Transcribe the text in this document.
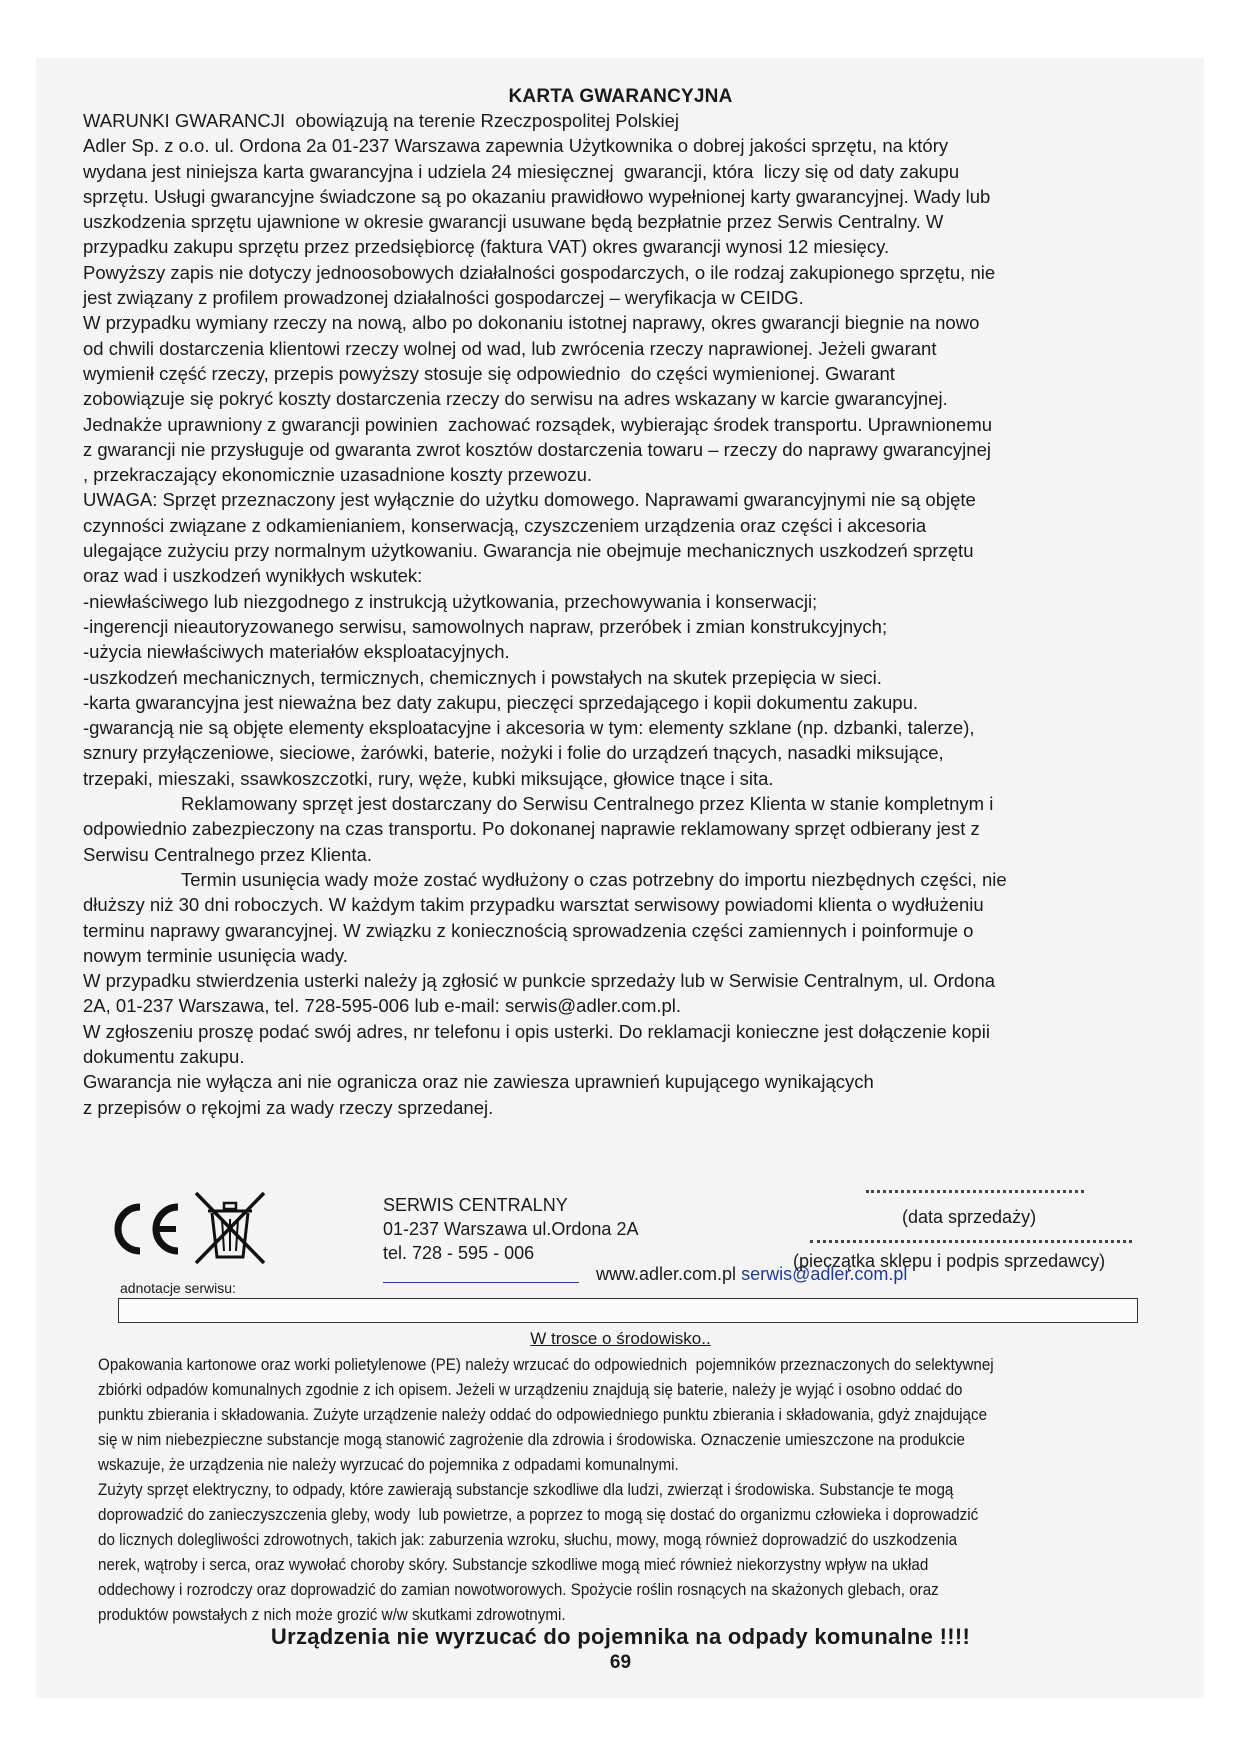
KARTA GWARANCYJNA

WARUNKI GWARANCJI  obowiązują na terenie Rzeczpospolitej Polskiej

Adler Sp. z o.o. ul. Ordona 2a 01-237 Warszawa zapewnia Użytkownika o dobrej jakości sprzętu, na który
wydana jest niniejsza karta gwarancyjna i udziela 24 miesięcznej  gwarancji, która  liczy się od daty zakupu
sprzętu. Usługi gwarancyjne świadczone są po okazaniu prawidłowo wypełnionej karty gwarancyjnej. Wady lub
uszkodzenia sprzętu ujawnione w okresie gwarancji usuwane będą bezpłatnie przez Serwis Centralny. W
przypadku zakupu sprzętu przez przedsiębiorcę (faktura VAT) okres gwarancji wynosi 12 miesięcy.

Powyższy zapis nie dotyczy jednoosobowych działalności gospodarczych, o ile rodzaj zakupionego sprzętu, nie
jest związany z profilem prowadzonej działalności gospodarczej – weryfikacja w CEIDG.

W przypadku wymiany rzeczy na nową, albo po dokonaniu istotnej naprawy, okres gwarancji biegnie na nowo
od chwili dostarczenia klientowi rzeczy wolnej od wad, lub zwrócenia rzeczy naprawionej. Jeżeli gwarant
wymienił część rzeczy, przepis powyższy stosuje się odpowiednio  do części wymienionej. Gwarant
zobowiązuje się pokryć koszty dostarczenia rzeczy do serwisu na adres wskazany w karcie gwarancyjnej.
Jednakże uprawniony z gwarancji powinien  zachować rozsądek, wybierając środek transportu. Uprawnionemu
z gwarancji nie przysługuje od gwaranta zwrot kosztów dostarczenia towaru – rzeczy do naprawy gwarancyjnej
, przekraczający ekonomicznie uzasadnione koszty przewozu.

UWAGA: Sprzęt przeznaczony jest wyłącznie do użytku domowego. Naprawami gwarancyjnymi nie są objęte
czynności związane z odkamienianiem, konserwacją, czyszczeniem urządzenia oraz części i akcesoria
ulegające zużyciu przy normalnym użytkowaniu. Gwarancja nie obejmuje mechanicznych uszkodzeń sprzętu
oraz wad i uszkodzeń wynikłych wskutek:

-niewłaściwego lub niezgodnego z instrukcją użytkowania, przechowywania i konserwacji;

-ingerencji nieautoryzowanego serwisu, samowolnych napraw, przeróbek i zmian konstrukcyjnych;

-użycia niewłaściwych materiałów eksploatacyjnych.

-uszkodzeń mechanicznych, termicznych, chemicznych i powstałych na skutek przepięcia w sieci.

-karta gwarancyjna jest nieważna bez daty zakupu, pieczęci sprzedającego i kopii dokumentu zakupu.

-gwarancją nie są objęte elementy eksploatacyjne i akcesoria w tym: elementy szklane (np. dzbanki, talerze),
sznury przyłączeniowe, sieciowe, żarówki, baterie, nożyki i folie do urządzeń tnących, nasadki miksujące,
trzepaki, mieszaki, ssawkoszczotki, rury, węże, kubki miksujące, głowice tnące i sita.

Reklamowany sprzęt jest dostarczany do Serwisu Centralnego przez Klienta w stanie kompletnym i
odpowiednio zabezpieczony na czas transportu. Po dokonanej naprawie reklamowany sprzęt odbierany jest z
Serwisu Centralnego przez Klienta.

Termin usunięcia wady może zostać wydłużony o czas potrzebny do importu niezbędnych części, nie
dłuższy niż 30 dni roboczych. W każdym takim przypadku warsztat serwisowy powiadomi klienta o wydłużeniu
terminu naprawy gwarancyjnej. W związku z koniecznością sprowadzenia części zamiennych i poinformuje o
nowym terminie usunięcia wady.

W przypadku stwierdzenia usterki należy ją zgłosić w punkcie sprzedaży lub w Serwisie Centralnym, ul. Ordona
2A, 01-237 Warszawa, tel. 728-595-006 lub e-mail: serwis@adler.com.pl.

W zgłoszeniu proszę podać swój adres, nr telefonu i opis usterki. Do reklamacji konieczne jest dołączenie kopii
dokumentu zakupu.

Gwarancja nie wyłącza ani nie ogranicza oraz nie zawiesza uprawnień kupującego wynikających
z przepisów o rękojmi za wady rzeczy sprzedanej.

SERWIS CENTRALNY
01-237 Warszawa ul.Ordona 2A
tel. 728 - 595 - 006
(data sprzedaży)
www.adler.com.pl serwis@adler.com.pl
(pieczątka sklepu i podpis sprzedawcy)
adnotacje serwisu:
W trosce o środowisko..

Opakowania kartonowe oraz worki polietylenowe (PE) należy wrzucać do odpowiednich  pojemników przeznaczonych do selektywnej
zbiórki odpadów komunalnych zgodnie z ich opisem. Jeżeli w urządzeniu znajdują się baterie, należy je wyjąć i osobno oddać do
punktu zbierania i składowania. Zużyte urządzenie należy oddać do odpowiedniego punktu zbierania i składowania, gdyż znajdujące
się w nim niebezpieczne substancje mogą stanowić zagrożenie dla zdrowia i środowiska. Oznaczenie umieszczone na produkcie
wskazuje, że urządzenia nie należy wyrzucać do pojemnika z odpadami komunalnymi.

Zużyty sprzęt elektryczny, to odpady, które zawierają substancje szkodliwe dla ludzi, zwierząt i środowiska. Substancje te mogą
doprowadzić do zanieczyszczenia gleby, wody  lub powietrze, a poprzez to mogą się dostać do organizmu człowieka i doprowadzić
do licznych dolegliwości zdrowotnych, takich jak: zaburzenia wzroku, słuchu, mowy, mogą również doprowadzić do uszkodzenia
nerek, wątroby i serca, oraz wywołać choroby skóry. Substancje szkodliwe mogą mieć również niekorzystny wpływ na układ
oddechowy i rozrodczy oraz doprowadzić do zamian nowotworowych. Spożycie roślin rosnących na skażonych glebach, oraz
produktów powstałych z nich może grozić w/w skutkami zdrowotnymi.

Urządzenia nie wyrzucać do pojemnika na odpady komunalne !!!!
69
